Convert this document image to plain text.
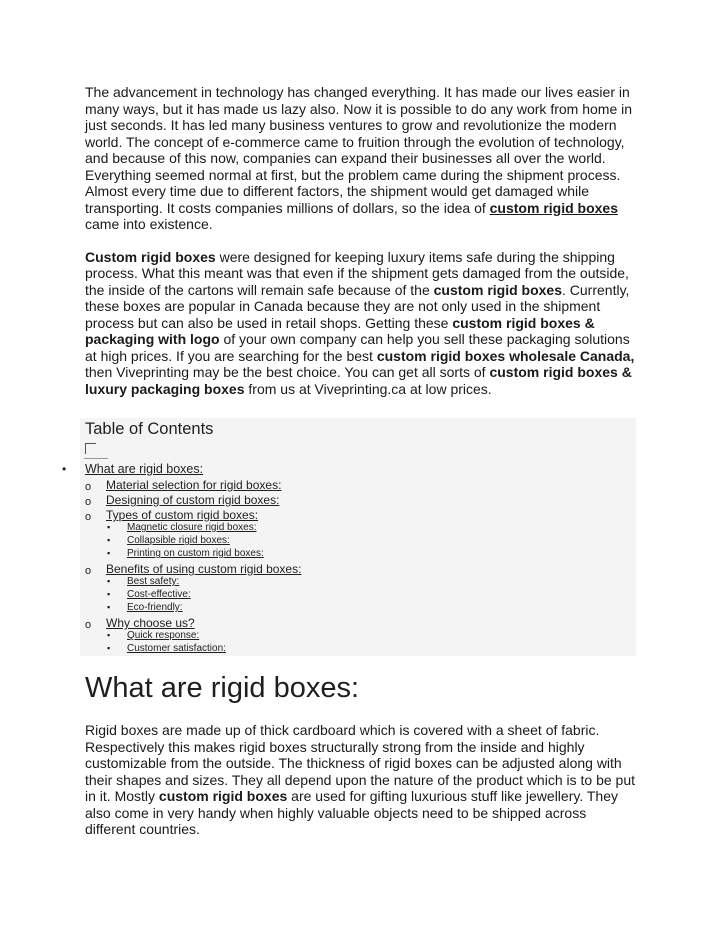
The advancement in technology has changed everything. It has made our lives easier in many ways, but it has made us lazy also. Now it is possible to do any work from home in just seconds. It has led many business ventures to grow and revolutionize the modern world. The concept of e-commerce came to fruition through the evolution of technology, and because of this now, companies can expand their businesses all over the world. Everything seemed normal at first, but the problem came during the shipment process. Almost every time due to different factors, the shipment would get damaged while transporting. It costs companies millions of dollars, so the idea of custom rigid boxes came into existence.

Custom rigid boxes were designed for keeping luxury items safe during the shipping process. What this meant was that even if the shipment gets damaged from the outside, the inside of the cartons will remain safe because of the custom rigid boxes. Currently, these boxes are popular in Canada because they are not only used in the shipment process but can also be used in retail shops. Getting these custom rigid boxes & packaging with logo of your own company can help you sell these packaging solutions at high prices. If you are searching for the best custom rigid boxes wholesale Canada, then Viveprinting may be the best choice. You can get all sorts of custom rigid boxes & luxury packaging boxes from us at Viveprinting.ca at low prices.

Table of Contents
• What are rigid boxes:
o Material selection for rigid boxes:
o Designing of custom rigid boxes:
o Types of custom rigid boxes:
▪ Magnetic closure rigid boxes:
▪ Collapsible rigid boxes:
▪ Printing on custom rigid boxes:
o Benefits of using custom rigid boxes:
▪ Best safety:
▪ Cost-effective:
▪ Eco-friendly:
o Why choose us?
▪ Quick response:
▪ Customer satisfaction:
What are rigid boxes:

Rigid boxes are made up of thick cardboard which is covered with a sheet of fabric. Respectively this makes rigid boxes structurally strong from the inside and highly customizable from the outside. The thickness of rigid boxes can be adjusted along with their shapes and sizes. They all depend upon the nature of the product which is to be put in it. Mostly custom rigid boxes are used for gifting luxurious stuff like jewellery. They also come in very handy when highly valuable objects need to be shipped across different countries.
